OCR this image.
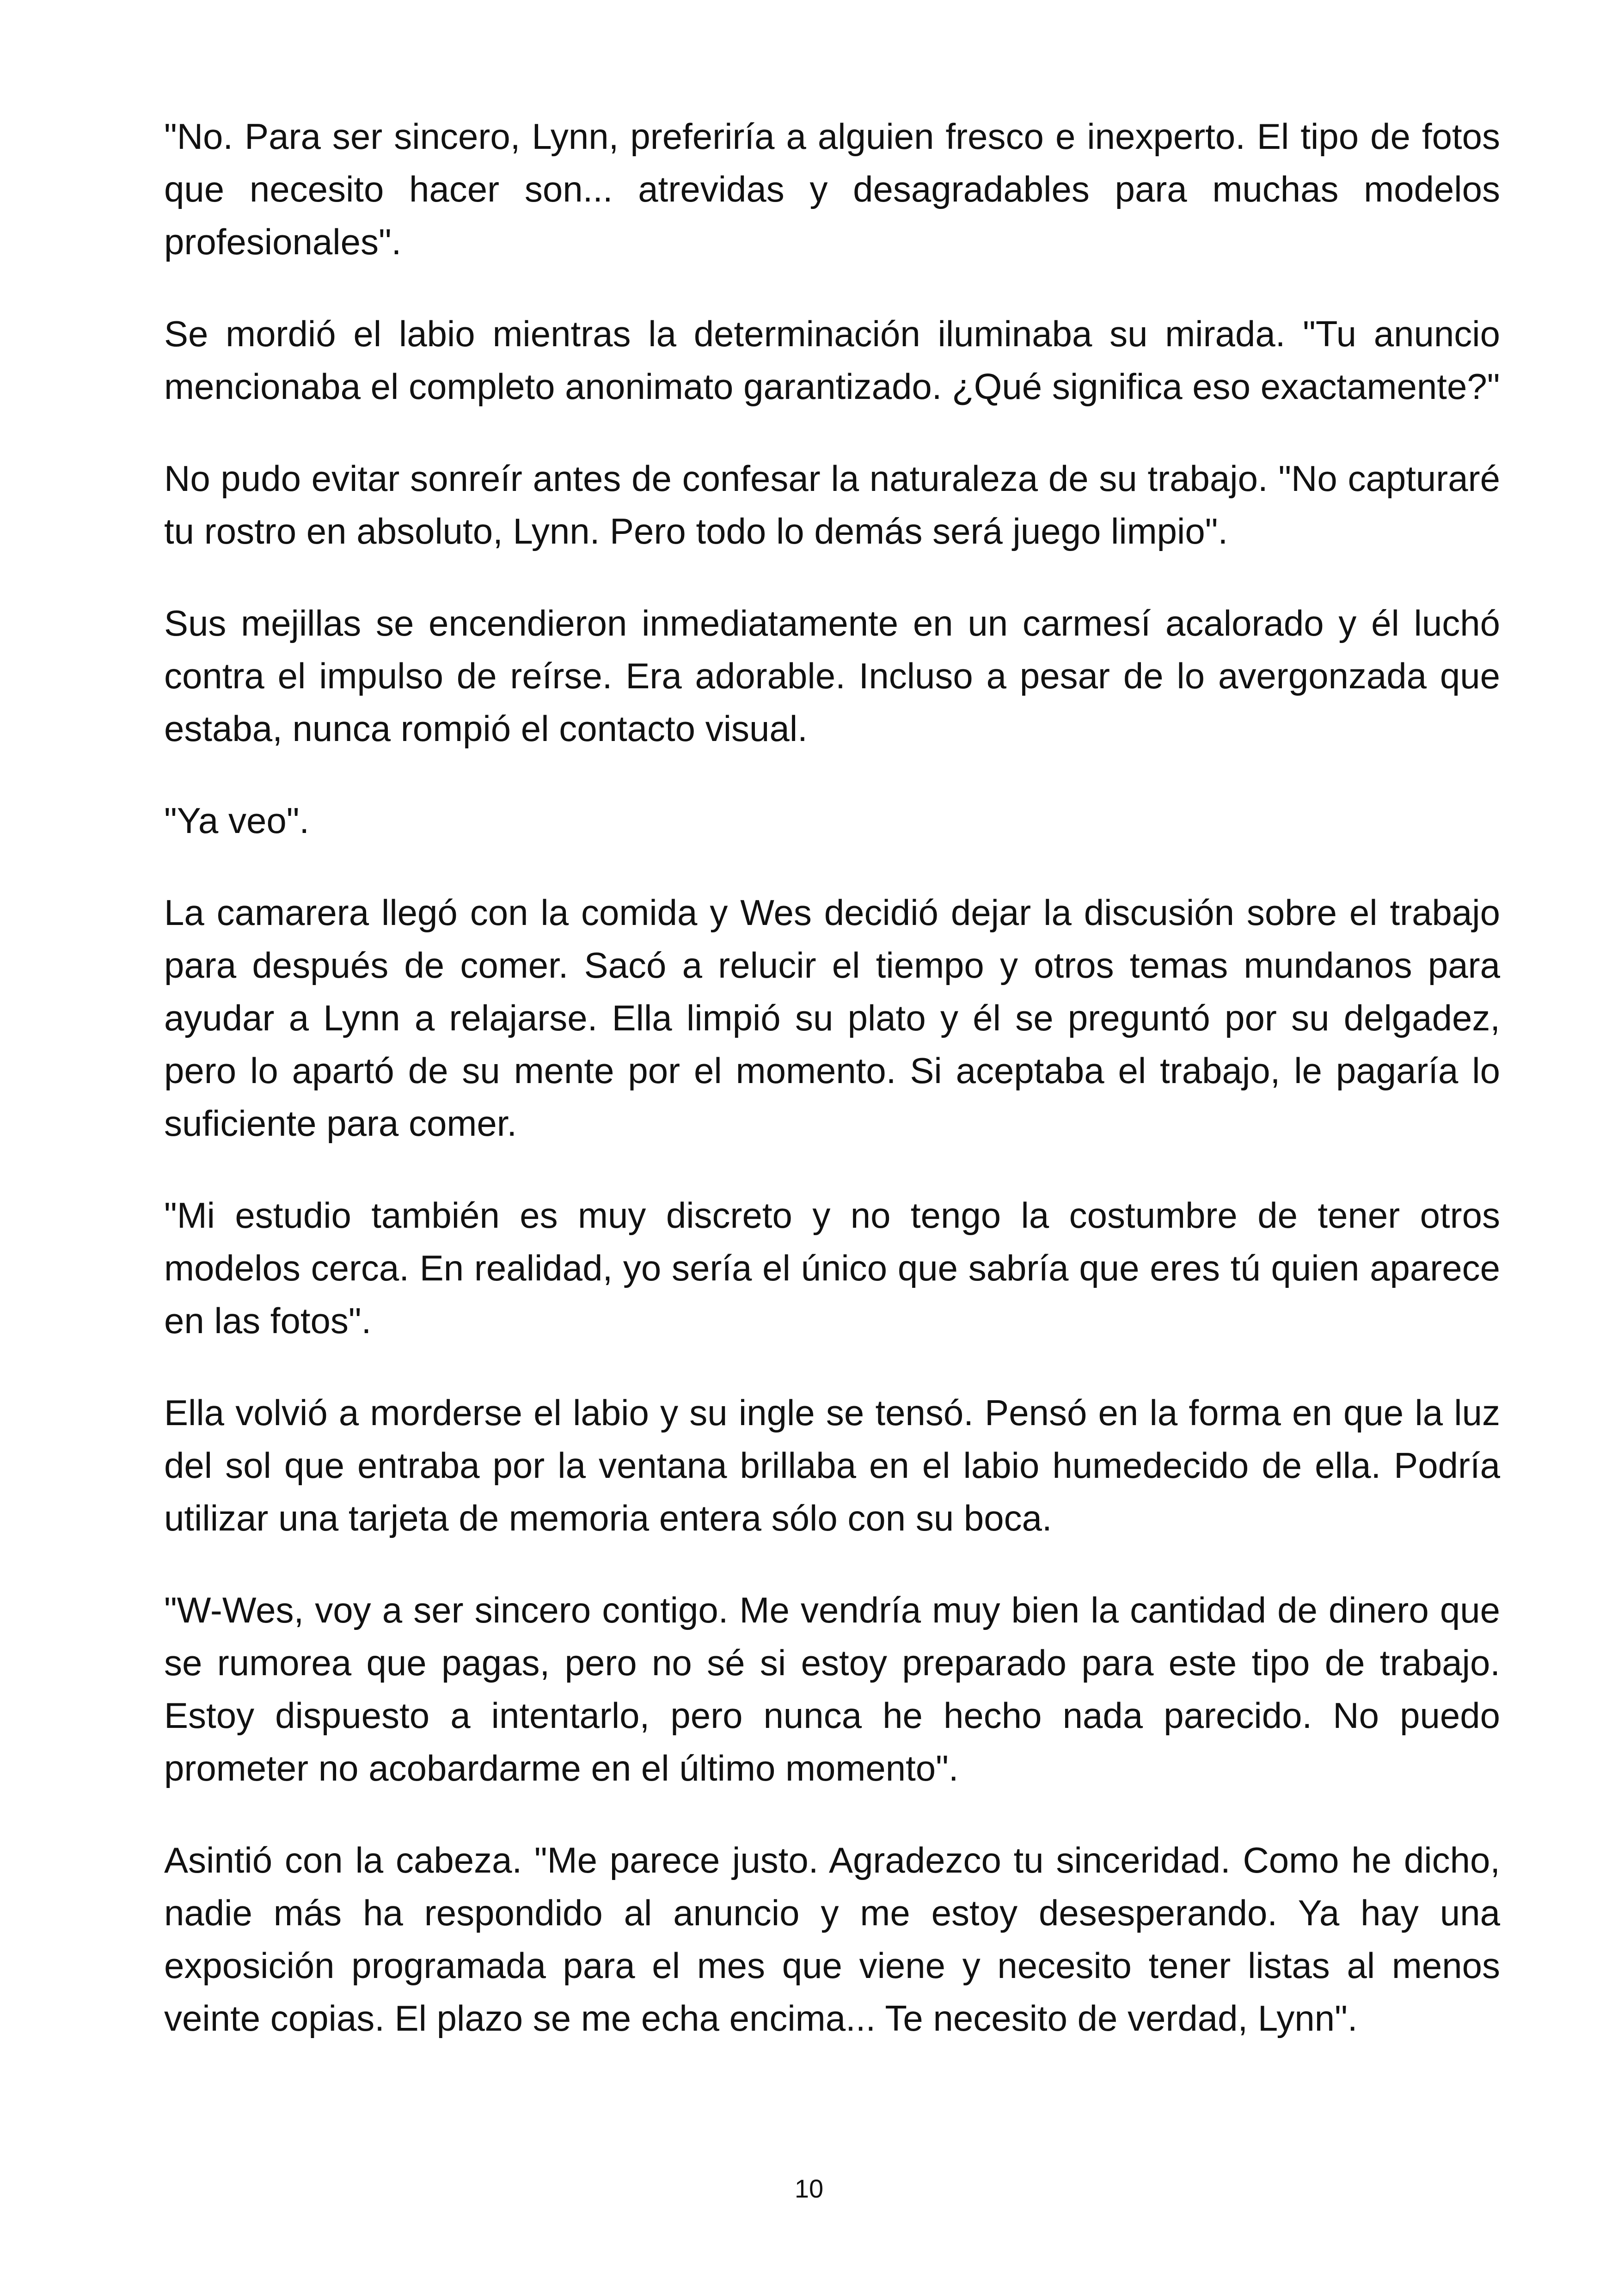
"No. Para ser sincero, Lynn, preferiría a alguien fresco e inexperto. El tipo de fotos que necesito hacer son... atrevidas y desagradables para muchas modelos profesionales".

Se mordió el labio mientras la determinación iluminaba su mirada. "Tu anuncio mencionaba el completo anonimato garantizado. ¿Qué significa eso exactamente?"

No pudo evitar sonreír antes de confesar la naturaleza de su trabajo. "No capturaré tu rostro en absoluto, Lynn. Pero todo lo demás será juego limpio".

Sus mejillas se encendieron inmediatamente en un carmesí acalorado y él luchó contra el impulso de reírse. Era adorable. Incluso a pesar de lo avergonzada que estaba, nunca rompió el contacto visual.

"Ya veo".

La camarera llegó con la comida y Wes decidió dejar la discusión sobre el trabajo para después de comer. Sacó a relucir el tiempo y otros temas mundanos para ayudar a Lynn a relajarse. Ella limpió su plato y él se preguntó por su delgadez, pero lo apartó de su mente por el momento. Si aceptaba el trabajo, le pagaría lo suficiente para comer.

"Mi estudio también es muy discreto y no tengo la costumbre de tener otros modelos cerca. En realidad, yo sería el único que sabría que eres tú quien aparece en las fotos".

Ella volvió a morderse el labio y su ingle se tensó. Pensó en la forma en que la luz del sol que entraba por la ventana brillaba en el labio humedecido de ella. Podría utilizar una tarjeta de memoria entera sólo con su boca.

"W-Wes, voy a ser sincero contigo. Me vendría muy bien la cantidad de dinero que se rumorea que pagas, pero no sé si estoy preparado para este tipo de trabajo. Estoy dispuesto a intentarlo, pero nunca he hecho nada parecido. No puedo prometer no acobardarme en el último momento".

Asintió con la cabeza. "Me parece justo. Agradezco tu sinceridad. Como he dicho, nadie más ha respondido al anuncio y me estoy desesperando. Ya hay una exposición programada para el mes que viene y necesito tener listas al menos veinte copias. El plazo se me echa encima... Te necesito de verdad, Lynn".

10
